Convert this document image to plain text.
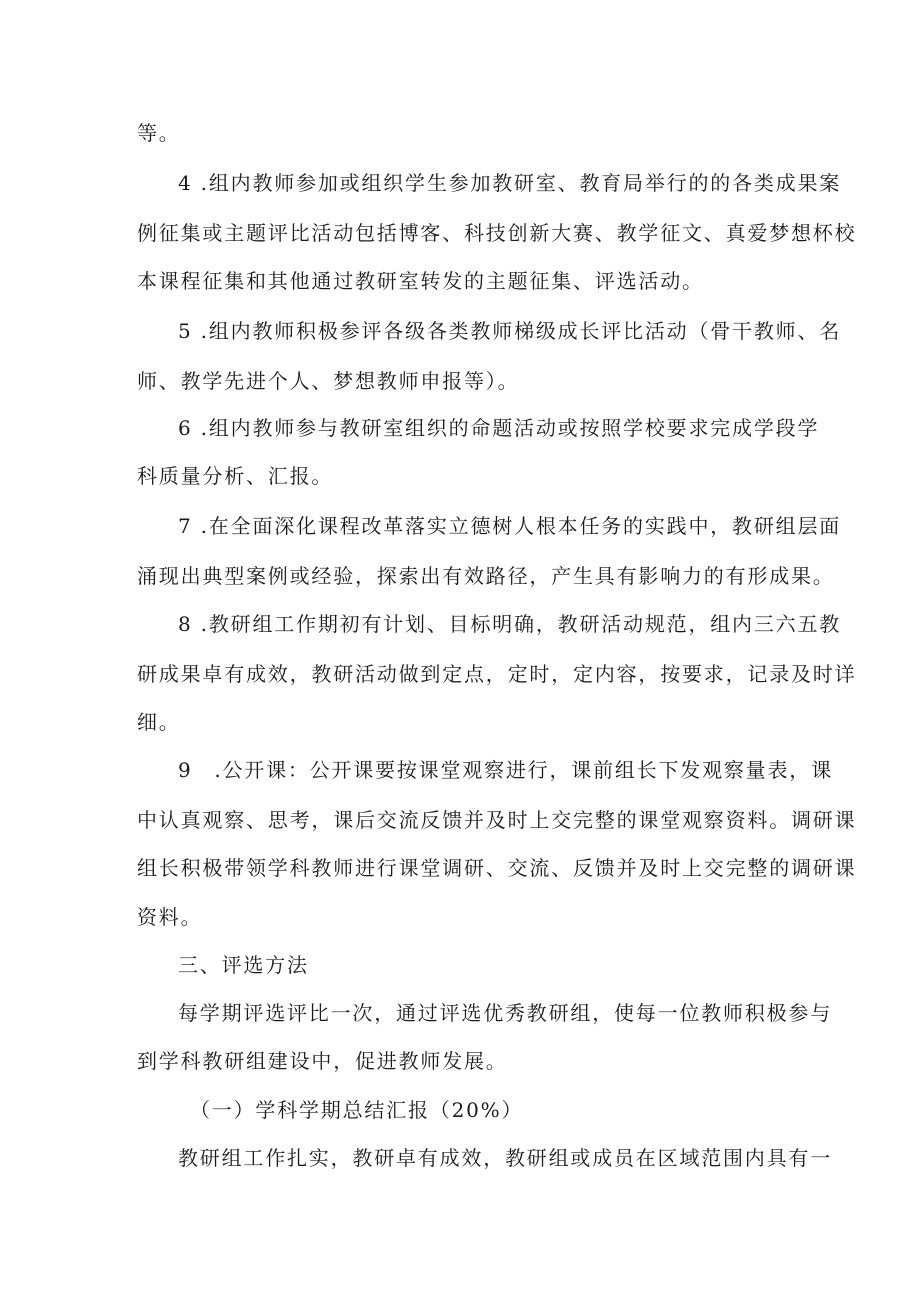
等。

4 .组内教师参加或组织学生参加教研室、教育局举行的的各类成果案

例征集或主题评比活动包括博客、科技创新大赛、教学征文、真爱梦想杯校

本课程征集和其他通过教研室转发的主题征集、评选活动。

5 .组内教师积极参评各级各类教师梯级成长评比活动（骨干教师、名

师、教学先进个人、梦想教师申报等）。

6 .组内教师参与教研室组织的命题活动或按照学校要求完成学段学

科质量分析、汇报。

7 .在全面深化课程改革落实立德树人根本任务的实践中，教研组层面

涌现出典型案例或经验，探索出有效路径，产生具有影响力的有形成果。

8 .教研组工作期初有计划、目标明确，教研活动规范，组内三六五教

研成果卓有成效，教研活动做到定点，定时，定内容，按要求，记录及时详

细。

9　.公开课：公开课要按课堂观察进行，课前组长下发观察量表，课

中认真观察、思考，课后交流反馈并及时上交完整的课堂观察资料。调研课

组长积极带领学科教师进行课堂调研、交流、反馈并及时上交完整的调研课

资料。

三、评选方法

每学期评选评比一次，通过评选优秀教研组，使每一位教师积极参与

到学科教研组建设中，促进教师发展。

（一）学科学期总结汇报（20%）

教研组工作扎实，教研卓有成效，教研组或成员在区域范围内具有一
